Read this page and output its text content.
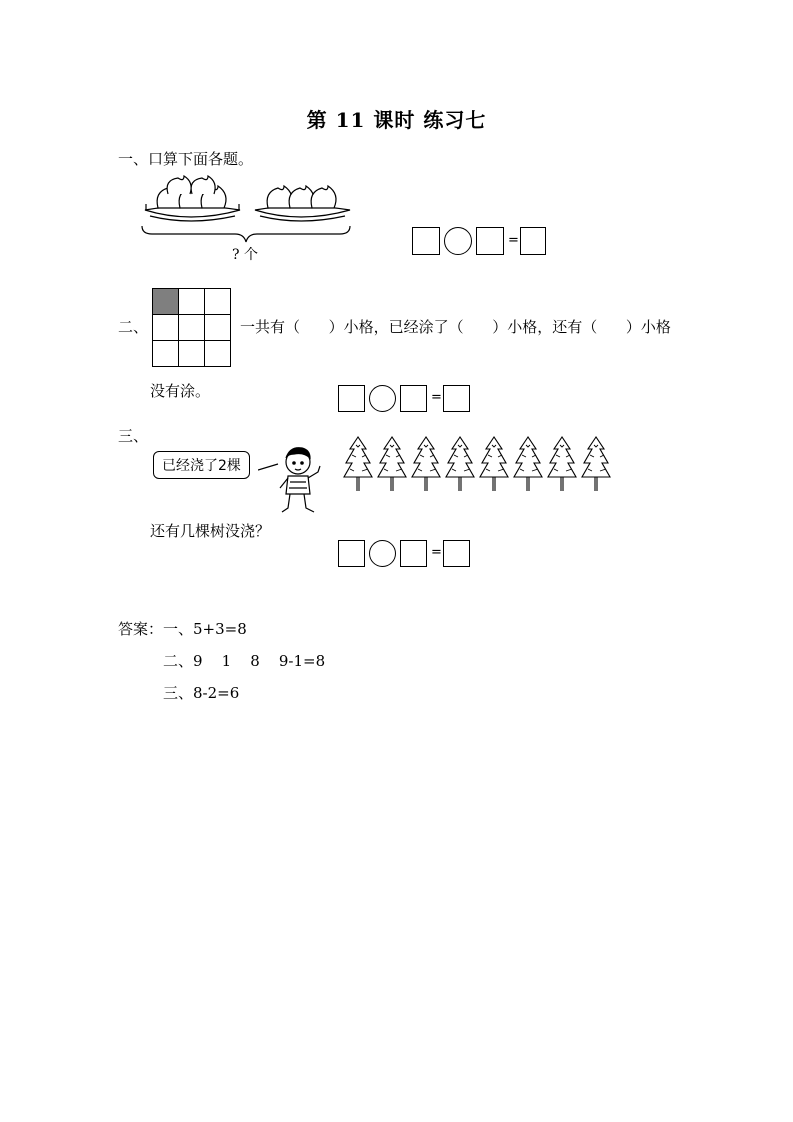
第 11 课时 练习七
一、口算下面各题。
? 个
=
二、	一共有（      ）小格，已经涂了（      ）小格，还有（      ）小格
没有涂。	=
三、
已经浇了2棵
还有几棵树没浇？
=
答案：一、5+3=8
二、9    1    8    9-1=8
三、8-2=6
